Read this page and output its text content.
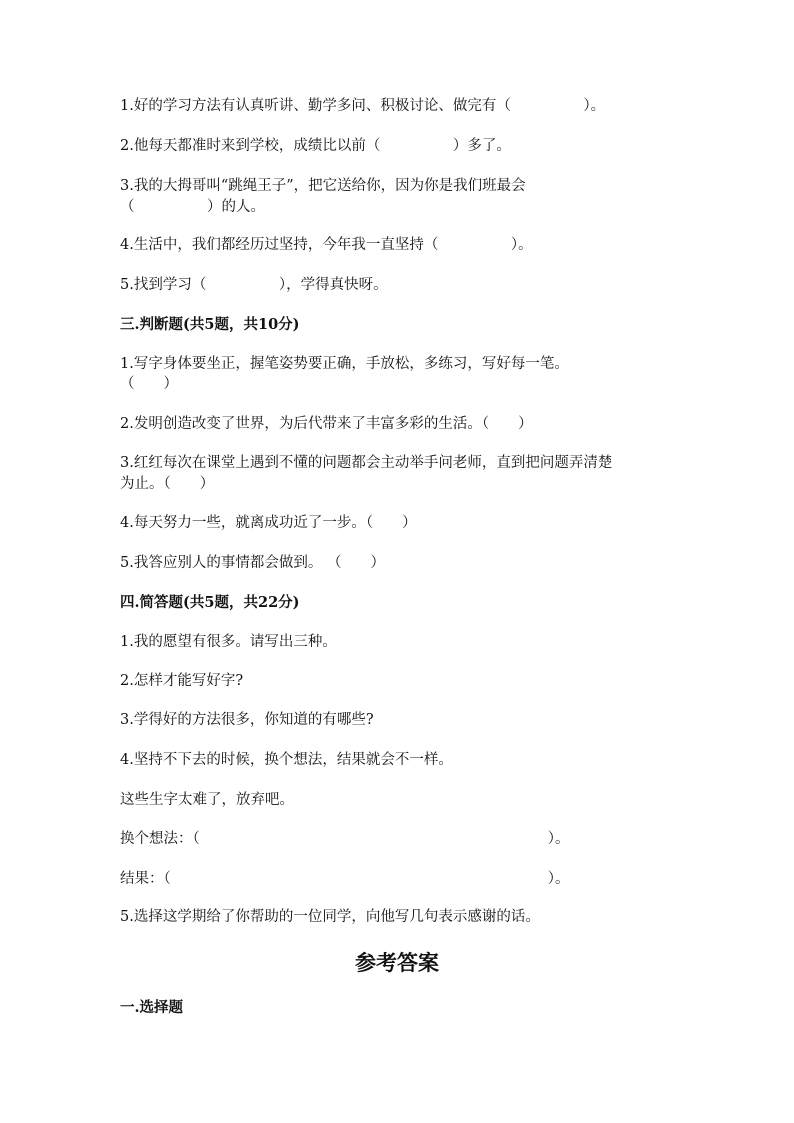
1.好的学习方法有认真听讲、勤学多问、积极讨论、做完有（　　　　　）。
2.他每天都准时来到学校，成绩比以前（　　　　　）多了。
3.我的大拇哥叫“跳绳王子”，把它送给你，因为你是我们班最会
（　　　　　）的人。
4.生活中，我们都经历过坚持，今年我一直坚持（　　　　　）。
5.找到学习（　　　　　），学得真快呀。
三.判断题(共5题，共10分)
1.写字身体要坐正，握笔姿势要正确，手放松，多练习，写好每一笔。
（　　）
2.发明创造改变了世界，为后代带来了丰富多彩的生活。（　　）
3.红红每次在课堂上遇到不懂的问题都会主动举手问老师，直到把问题弄清楚
为止。（　　）
4.每天努力一些，就离成功近了一步。（　　）
5.我答应别人的事情都会做到。 （　　）
四.简答题(共5题，共22分)
1.我的愿望有很多。请写出三种。
2.怎样才能写好字?
3.学得好的方法很多，你知道的有哪些?
4.坚持不下去的时候，换个想法，结果就会不一样。
这些生字太难了，放弃吧。
换个想法：（　　　　　　　　　　　　　　　　　　　　　　　　）。
结果：（　　　　　　　　　　　　　　　　　　　　　　　　　　）。
5.选择这学期给了你帮助的一位同学，向他写几句表示感谢的话。
参考答案
一.选择题
